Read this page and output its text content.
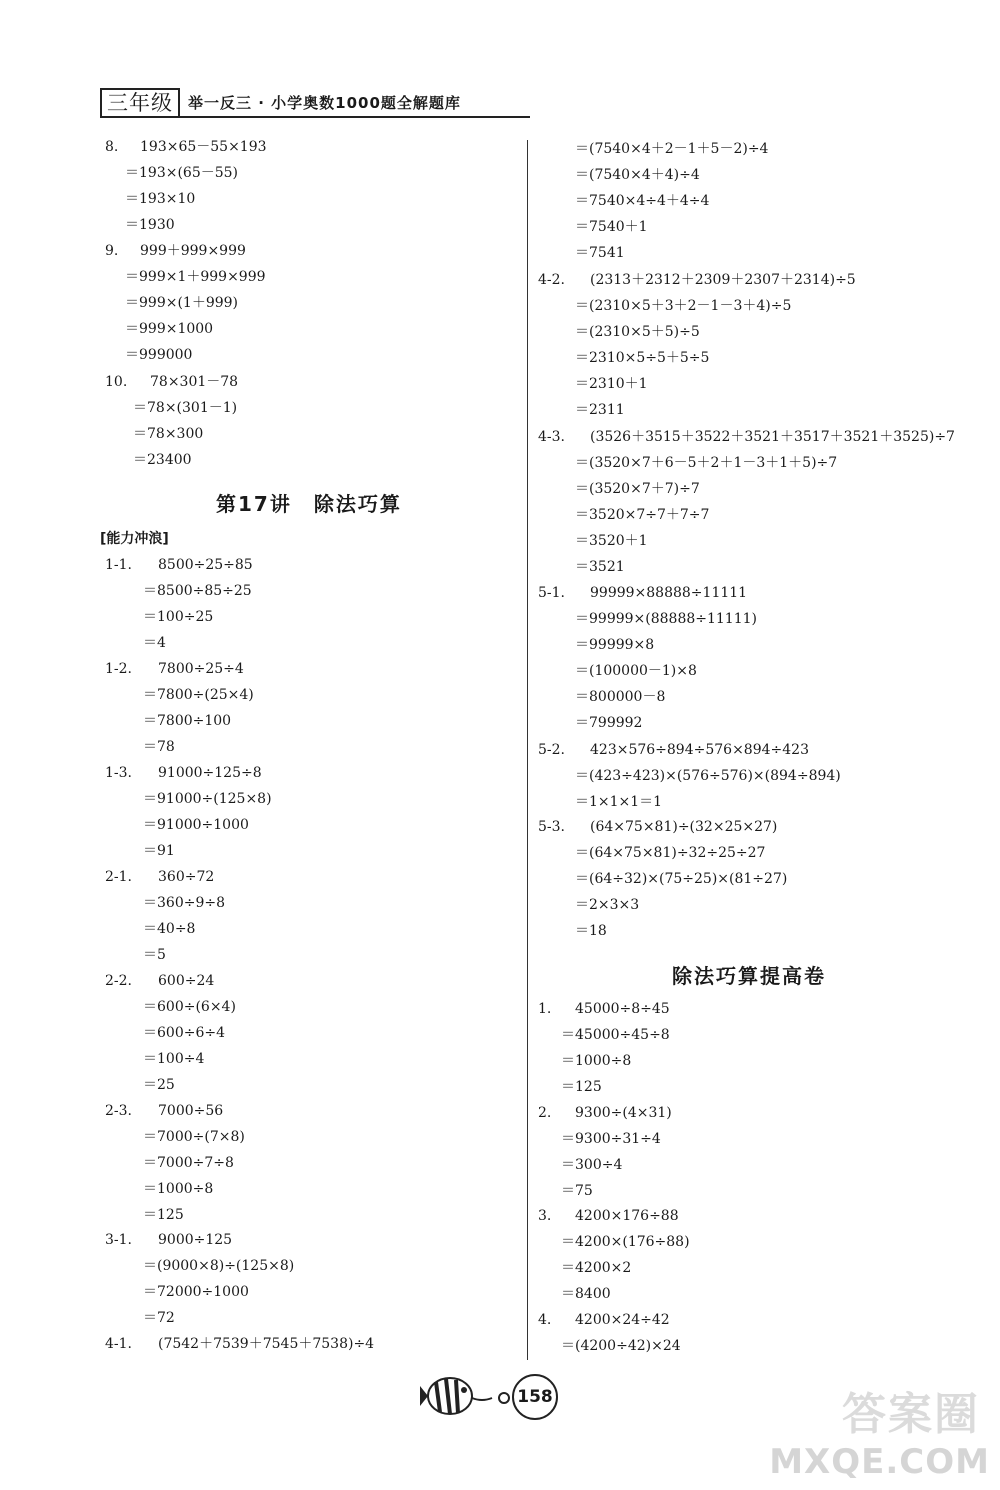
三年级	举一反三 · 小学奥数1000题全解题库
8. 193×65－55×193
＝193×(65－55)
＝193×10
＝1930
9. 999＋999×999
＝999×1＋999×999
＝999×(1＋999)
＝999×1000
＝999000
10. 78×301－78
＝78×(301－1)
＝78×300
＝23400
1-1. 8500÷25÷85
＝8500÷85÷25
＝100÷25
＝4
1-2. 7800÷25÷4
＝7800÷(25×4)
＝7800÷100
＝78
1-3. 91000÷125÷8
＝91000÷(125×8)
＝91000÷1000
＝91
2-1. 360÷72
＝360÷9÷8
＝40÷8
＝5
2-2. 600÷24
＝600÷(6×4)
＝600÷6÷4
＝100÷4
＝25
2-3. 7000÷56
＝7000÷(7×8)
＝7000÷7÷8
＝1000÷8
＝125
3-1. 9000÷125
＝(9000×8)÷(125×8)
＝72000÷1000
＝72
4-1. (7542＋7539＋7545＋7538)÷4
＝(7540×4＋2－1＋5－2)÷4
＝(7540×4＋4)÷4
＝7540×4÷4＋4÷4
＝7540＋1
＝7541
4-2. (2313＋2312＋2309＋2307＋2314)÷5
＝(2310×5＋3＋2－1－3＋4)÷5
＝(2310×5＋5)÷5
＝2310×5÷5＋5÷5
＝2310＋1
＝2311
4-3. (3526＋3515＋3522＋3521＋3517＋3521＋3525)÷7
＝(3520×7＋6－5＋2＋1－3＋1＋5)÷7
＝(3520×7＋7)÷7
＝3520×7÷7＋7÷7
＝3520＋1
＝3521
5-1. 99999×88888÷11111
＝99999×(88888÷11111)
＝99999×8
＝(100000－1)×8
＝800000－8
＝799992
5-2. 423×576÷894÷576×894÷423
＝(423÷423)×(576÷576)×(894÷894)
＝1×1×1＝1
5-3. (64×75×81)÷(32×25×27)
＝(64×75×81)÷32÷25÷27
＝(64÷32)×(75÷25)×(81÷27)
＝2×3×3
＝18
1. 45000÷8÷45
＝45000÷45÷8
＝1000÷8
＝125
2. 9300÷(4×31)
＝9300÷31÷4
＝300÷4
＝75
3. 4200×176÷88
＝4200×(176÷88)
＝4200×2
＝8400
4. 4200×24÷42
＝(4200÷42)×24
第17讲　除法巧算
[能力冲浪]
除法巧算提高卷
158	答案圈
MXQE.COM
